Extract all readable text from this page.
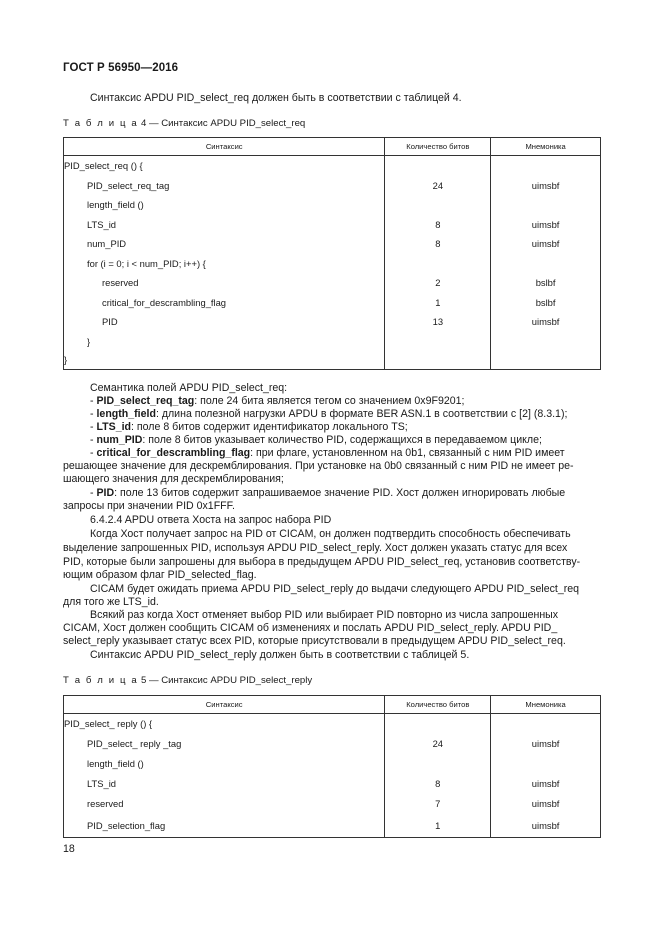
ГОСТ Р 56950—2016
Синтаксис APDU PID_select_req должен быть в соответствии с таблицей 4.
Т а б л и ц а 4 — Синтаксис APDU PID_select_req
Синтаксис	Количество битов	Мнемоника
PID_select_req () {		
PID_select_req_tag	24	uimsbf
length_field ()		
LTS_id	8	uimsbf
num_PID	8	uimsbf
for (i = 0; i < num_PID; i++) {		
reserved	2	bslbf
critical_for_descrambling_flag	1	bslbf
PID	13	uimsbf
}		
}		
Семантика полей APDU PID_select_req:
- PID_select_req_tag: поле 24 бита является тегом со значением 0x9F9201;
- length_field: длина полезной нагрузки APDU в формате BER ASN.1 в соответствии с [2] (8.3.1);
- LTS_id: поле 8 битов содержит идентификатор локального TS;
- num_PID: поле 8 битов указывает количество PID, содержащихся в передаваемом цикле;
- critical_for_descrambling_flag: при флаге, установленном на 0b1, связанный с ним PID имеет
решающее значение для дескремблирования. При установке на 0b0 связанный с ним PID не имеет ре-
шающего значения для дескремблирования;
- PID: поле 13 битов содержит запрашиваемое значение PID. Хост должен игнорировать любые
запросы при значении PID 0x1FFF.
6.4.2.4 APDU ответа Хоста на запрос набора PID
Когда Хост получает запрос на PID от CICAM, он должен подтвердить способность обеспечивать
выделение запрошенных PID, используя APDU PID_select_reply. Хост должен указать статус для всех
PID, которые были запрошены для выбора в предыдущем APDU PID_select_req, установив соответству-
ющим образом флаг PID_selected_flag.
CICAM будет ожидать приема APDU PID_select_reply до выдачи следующего APDU PID_select_req
для того же LTS_id.
Всякий раз когда Хост отменяет выбор PID или выбирает PID повторно из числа запрошенных
CICAM, Хост должен сообщить CICAM об изменениях и послать APDU PID_select_reply. APDU PID_
select_reply указывает статус всех PID, которые присутствовали в предыдущем APDU PID_select_req.
Синтаксис APDU PID_select_reply должен быть в соответствии с таблицей 5.
Т а б л и ц а 5 — Синтаксис APDU PID_select_reply
Синтаксис	Количество битов	Мнемоника
PID_select_ reply () {		
PID_select_ reply _tag	24	uimsbf
length_field ()		
LTS_id	8	uimsbf
reserved	7	uimsbf
PID_selection_flag	1	uimsbf
18
